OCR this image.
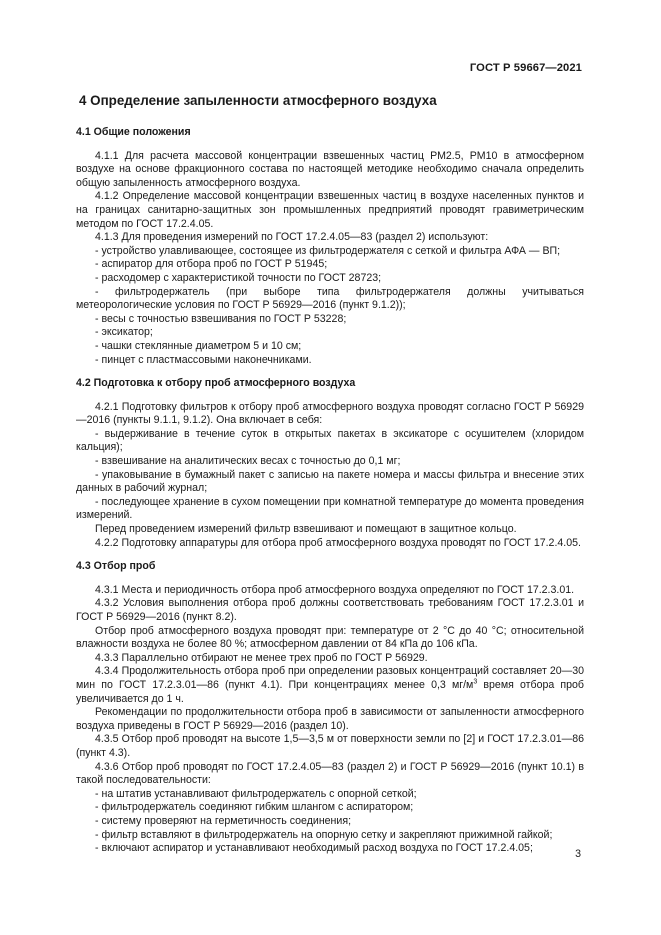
ГОСТ Р 59667—2021
4 Определение запыленности атмосферного воздуха
4.1 Общие положения

4.1.1 Для расчета массовой концентрации взвешенных частиц РМ2.5, РМ10 в атмосферном воздухе на основе фракционного состава по настоящей методике необходимо сначала определить общую запыленность атмосферного воздуха.

4.1.2 Определение массовой концентрации взвешенных частиц в воздухе населенных пунктов и на границах санитарно-защитных зон промышленных предприятий проводят гравиметрическим методом по ГОСТ 17.2.4.05.

4.1.3 Для проведения измерений по ГОСТ 17.2.4.05—83 (раздел 2) используют:

- устройство улавливающее, состоящее из фильтродержателя с сеткой и фильтра АФА — ВП;

- аспиратор для отбора проб по ГОСТ Р 51945;

- расходомер с характеристикой точности по ГОСТ 28723;

- фильтродержатель (при выборе типа фильтродержателя должны учитываться метеорологические условия по ГОСТ Р 56929—2016 (пункт 9.1.2));

- весы с точностью взвешивания по ГОСТ Р 53228;

- эксикатор;

- чашки стеклянные диаметром 5 и 10 см;

- пинцет с пластмассовыми наконечниками.

4.2 Подготовка к отбору проб атмосферного воздуха

4.2.1 Подготовку фильтров к отбору проб атмосферного воздуха проводят согласно ГОСТ Р 56929—2016 (пункты 9.1.1, 9.1.2). Она включает в себя:

- выдерживание в течение суток в открытых пакетах в эксикаторе с осушителем (хлоридом кальция);

- взвешивание на аналитических весах с точностью до 0,1 мг;

- упаковывание в бумажный пакет с записью на пакете номера и массы фильтра и внесение этих данных в рабочий журнал;

- последующее хранение в сухом помещении при комнатной температуре до момента проведения измерений.

Перед проведением измерений фильтр взвешивают и помещают в защитное кольцо.

4.2.2 Подготовку аппаратуры для отбора проб атмосферного воздуха проводят по ГОСТ 17.2.4.05.

4.3 Отбор проб

4.3.1 Места и периодичность отбора проб атмосферного воздуха определяют по ГОСТ 17.2.3.01.

4.3.2 Условия выполнения отбора проб должны соответствовать требованиям ГОСТ 17.2.3.01 и ГОСТ Р 56929—2016 (пункт 8.2).

Отбор проб атмосферного воздуха проводят при: температуре от 2 °С до 40 °С; относительной влажности воздуха не более 80 %; атмосферном давлении от 84 кПа до 106 кПа.

4.3.3 Параллельно отбирают не менее трех проб по ГОСТ Р 56929.

4.3.4 Продолжительность отбора проб при определении разовых концентраций составляет 20—30 мин по ГОСТ 17.2.3.01—86 (пункт 4.1). При концентрациях менее 0,3 $мг/м^3$ время отбора проб увеличивается до 1 ч.

Рекомендации по продолжительности отбора проб в зависимости от запыленности атмосферного воздуха приведены в ГОСТ Р 56929—2016 (раздел 10).

4.3.5 Отбор проб проводят на высоте 1,5—3,5 м от поверхности земли по [2] и ГОСТ 17.2.3.01—86 (пункт 4.3).

4.3.6 Отбор проб проводят по ГОСТ 17.2.4.05—83 (раздел 2) и ГОСТ Р 56929—2016 (пункт 10.1) в такой последовательности:

- на штатив устанавливают фильтродержатель с опорной сеткой;

- фильтродержатель соединяют гибким шлангом с аспиратором;

- систему проверяют на герметичность соединения;

- фильтр вставляют в фильтродержатель на опорную сетку и закрепляют прижимной гайкой;

- включают аспиратор и устанавливают необходимый расход воздуха по ГОСТ 17.2.4.05;	3
